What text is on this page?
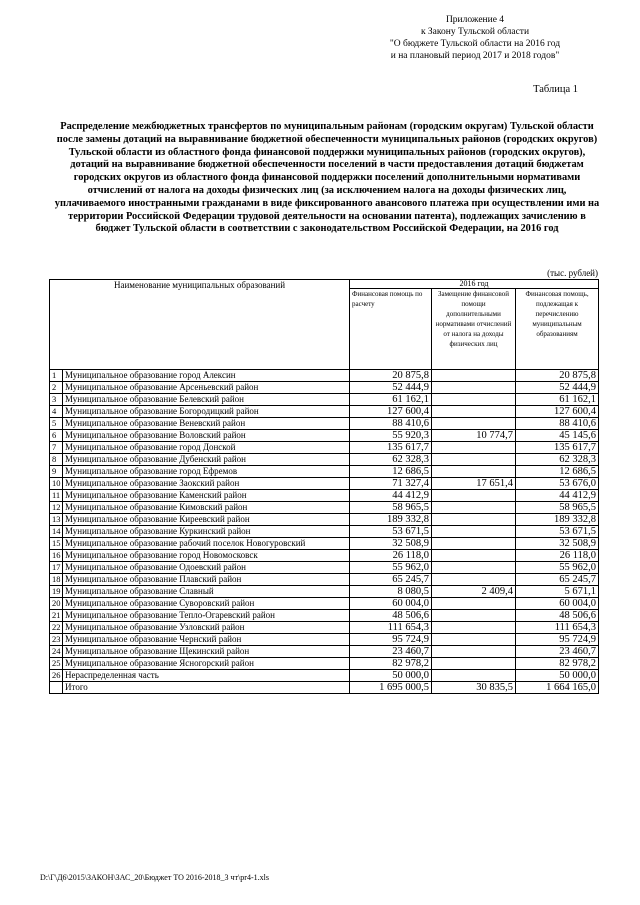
Приложение 4
к Закону Тульской области
"О бюджете Тульской области на 2016 год
и на плановый период 2017 и 2018 годов"
Таблица 1
Распределение межбюджетных трансфертов по муниципальным районам (городским округам) Тульской области после замены дотаций на выравнивание бюджетной обеспеченности муниципальных районов (городских округов) Тульской области из областного фонда финансовой поддержки муниципальных районов (городских округов), дотаций на выравнивание бюджетной обеспеченности поселений в части предоставления дотаций бюджетам городских округов из областного фонда финансовой поддержки поселений дополнительными нормативами отчислений от налога на доходы физических лиц (за исключением налога на доходы физических лиц, уплачиваемого иностранными гражданами в виде фиксированного авансового платежа при осуществлении ими на территории Российской Федерации трудовой деятельности на основании патента), подлежащих зачислению в бюджет Тульской области в соответствии с законодательством Российской Федерации, на 2016 год
(тыс. рублей)
Наименование муниципальных образований		2016 год		
		Финансовая помощь по расчету	Замещение финансовой помощи дополнительными нормативами отчислений от налога на доходы физических лиц	Финансовая помощь, подлежащая к перечислению муниципальным образованиям
1	Муниципальное образование город Алексин	20 875,8		20 875,8
2	Муниципальное образование Арсеньевский район	52 444,9		52 444,9
3	Муниципальное образование Белевский район	61 162,1		61 162,1
4	Муниципальное образование Богородицкий район	127 600,4		127 600,4
5	Муниципальное образование Веневский район	88 410,6		88 410,6
6	Муниципальное образование Воловский район	55 920,3	10 774,7	45 145,6
7	Муниципальное образование город Донской	135 617,7		135 617,7
8	Муниципальное образование Дубенский район	62 328,3		62 328,3
9	Муниципальное образование город Ефремов	12 686,5		12 686,5
10	Муниципальное образование Заокский район	71 327,4	17 651,4	53 676,0
11	Муниципальное образование Каменский район	44 412,9		44 412,9
12	Муниципальное образование Кимовский район	58 965,5		58 965,5
13	Муниципальное образование Киреевский район	189 332,8		189 332,8
14	Муниципальное образование Куркинский район	53 671,5		53 671,5
15	Муниципальное образование рабочий поселок Новогуровский	32 508,9		32 508,9
16	Муниципальное образование город Новомосковск	26 118,0		26 118,0
17	Муниципальное образование Одоевский район	55 962,0		55 962,0
18	Муниципальное образование Плавский район	65 245,7		65 245,7
19	Муниципальное образование Славный	8 080,5	2 409,4	5 671,1
20	Муниципальное образование Суворовский район	60 004,0		60 004,0
21	Муниципальное образование Тепло-Огаревский район	48 506,6		48 506,6
22	Муниципальное образование Узловский район	111 654,3		111 654,3
23	Муниципальное образование Чернский район	95 724,9		95 724,9
24	Муниципальное образование Щекинский район	23 460,7		23 460,7
25	Муниципальное образование Ясногорский район	82 978,2		82 978,2
26	Нераспределенная часть	50 000,0		50 000,0
	Итого	1 695 000,5	30 835,5	1 664 165,0
D:\Г\Д6\2015\ЗАКОН\ЗАС_20\Бюджет ТО 2016-2018_3 чт\pr4-1.xls
